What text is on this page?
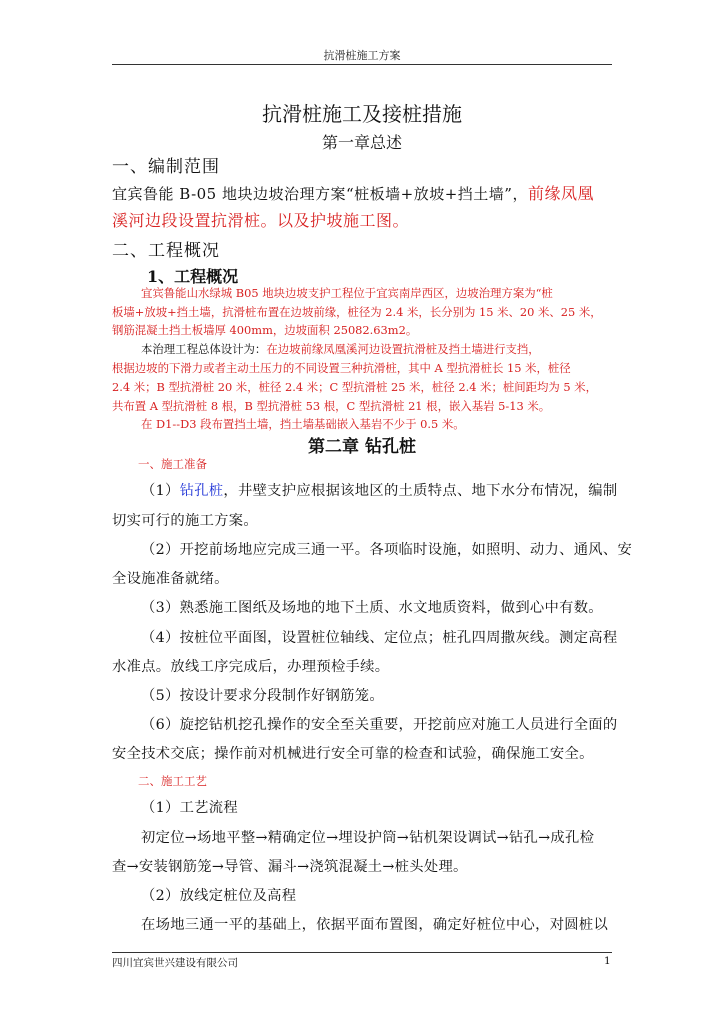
抗滑桩施工方案
抗滑桩施工及接桩措施
第一章总述
一、编制范围
宜宾鲁能 B-05 地块边坡治理方案“桩板墙+放坡+挡土墙”，前缘凤凰
溪河边段设置抗滑桩。以及护坡施工图。
二、工程概况
1、工程概况
宜宾鲁能山水绿城 B05 地块边坡支护工程位于宜宾南岸西区，边坡治理方案为“桩
板墙+放坡+挡土墙，抗滑桩布置在边坡前缘，桩径为 2.4 米，长分别为 15 米、20 米、25 米，
钢筋混凝土挡土板墙厚 400mm，边坡面积 25082.63m2。
本治理工程总体设计为：在边坡前缘凤凰溪河边设置抗滑桩及挡土墙进行支挡，
根据边坡的下滑力或者主动土压力的不同设置三种抗滑桩，其中 A 型抗滑桩长 15 米，桩径
2.4 米；B 型抗滑桩 20 米，桩径 2.4 米；C 型抗滑桩 25 米，桩径 2.4 米；桩间距均为 5 米，
共布置 A 型抗滑桩 8 根，B 型抗滑桩 53 根，C 型抗滑桩 21 根，嵌入基岩 5-13 米。
在 D1--D3 段布置挡土墙，挡土墙基础嵌入基岩不少于 0.5 米。
第二章 钻孔桩
一、施工准备
（1）钻孔桩，井壁支护应根据该地区的土质特点、地下水分布情况，编制
切实可行的施工方案。
（2）开挖前场地应完成三通一平。各项临时设施，如照明、动力、通风、安
全设施准备就绪。
（3）熟悉施工图纸及场地的地下土质、水文地质资料，做到心中有数。
（4）按桩位平面图，设置桩位轴线、定位点；桩孔四周撒灰线。测定高程
水准点。放线工序完成后，办理预检手续。
（5）按设计要求分段制作好钢筋笼。
（6）旋挖钻机挖孔操作的安全至关重要，开挖前应对施工人员进行全面的
安全技术交底；操作前对机械进行安全可靠的检查和试验，确保施工安全。
二、施工工艺
（1）工艺流程
初定位→场地平整→精确定位→埋设护筒→钻机架设调试→钻孔→成孔检
查→安装钢筋笼→导管、漏斗→浇筑混凝土→桩头处理。
（2）放线定桩位及高程
在场地三通一平的基础上，依据平面布置图，确定好桩位中心，对圆桩以
四川宜宾世兴建设有限公司	1
